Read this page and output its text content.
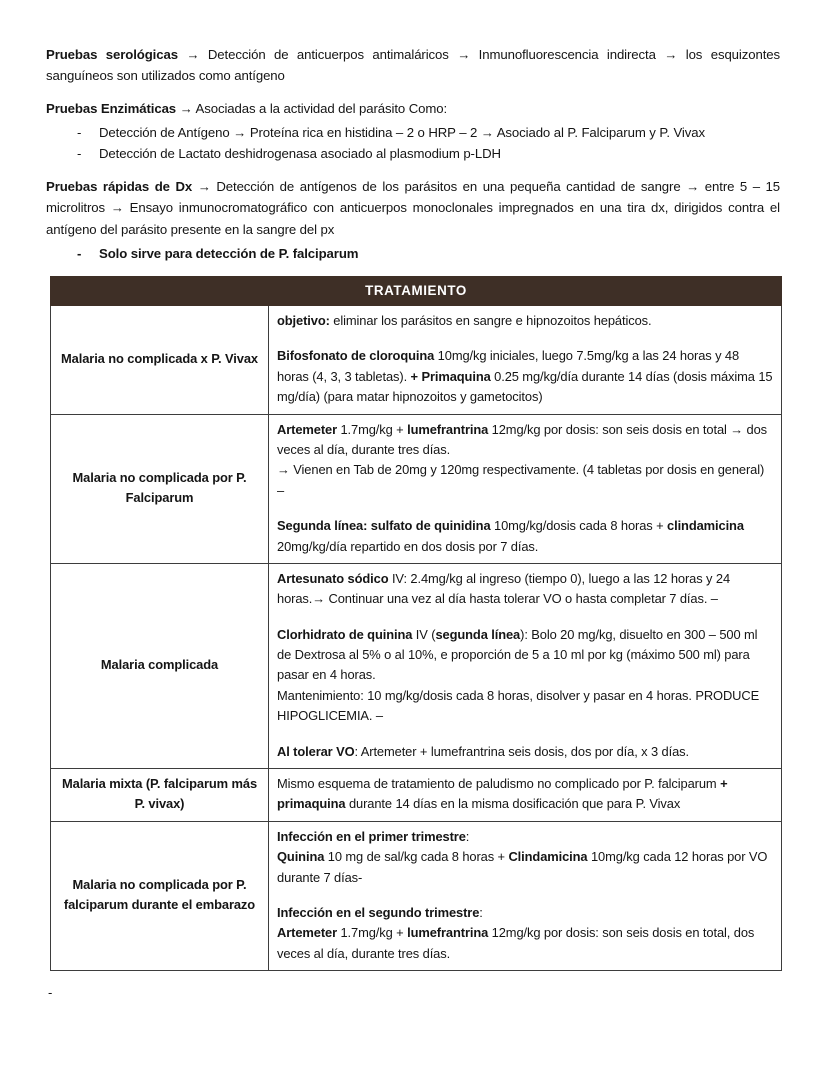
Pruebas serológicas → Detección de anticuerpos antimaláricos → Inmunofluorescencia indirecta → los esquizontes sanguíneos son utilizados como antígeno

Pruebas Enzimáticas → Asociadas a la actividad del parásito Como:

- Detección de Antígeno → Proteína rica en histidina – 2 o HRP – 2 → Asociado al P. Falciparum y P. Vivax
- Detección de Lactato deshidrogenasa asociado al plasmodium p-LDH

Pruebas rápidas de Dx → Detección de antígenos de los parásitos en una pequeña cantidad de sangre → entre 5 – 15 microlitros → Ensayo inmunocromatográfico con anticuerpos monoclonales impregnados en una tira dx, dirigidos contra el antígeno del parásito presente en la sangre del px

- Solo sirve para detección de P. falciparum
TRATAMIENTO	
Malaria no complicada x P. Vivax	objetivo: eliminar los parásitos en sangre e hipnozoitos hepáticos.

Bifosfonato de cloroquina 10mg/kg iniciales, luego 7.5mg/kg a las 24 horas y 48 horas (4, 3, 3 tabletas). + Primaquina 0.25 mg/kg/día durante 14 días (dosis máxima 15 mg/día) (para matar hipnozoitos y gametocitos)

Malaria no complicada por P. Falciparum	Artemeter 1.7mg/kg + lumefrantrina 12mg/kg por dosis: son seis dosis en total → dos veces al día, durante tres días.

→ Vienen en Tab de 20mg y 120mg respectivamente. (4 tabletas por dosis en general) –

Segunda línea: sulfato de quinidina 10mg/kg/dosis cada 8 horas + clindamicina 20mg/kg/día repartido en dos dosis por 7 días.

Malaria complicada	Artesunato sódico IV: 2.4mg/kg al ingreso (tiempo 0), luego a las 12 horas y 24 horas.→ Continuar una vez al día hasta tolerar VO o hasta completar 7 días. –

Clorhidrato de quinina IV (segunda línea): Bolo 20 mg/kg, disuelto en 300 – 500 ml de Dextrosa al 5% o al 10%, e proporción de 5 a 10 ml por kg (máximo 500 ml) para pasar en 4 horas.

Mantenimiento: 10 mg/kg/dosis cada 8 horas, disolver y pasar en 4 horas. PRODUCE HIPOGLICEMIA. –

Al tolerar VO: Artemeter + lumefrantrina seis dosis, dos por día, x 3 días.

Malaria mixta (P. falciparum más P. vivax)	Mismo esquema de tratamiento de paludismo no complicado por P. falciparum + primaquina durante 14 días en la misma dosificación que para P. Vivax

Malaria no complicada por P. falciparum durante el embarazo	Infección en el primer trimestre:

Quinina 10 mg de sal/kg cada 8 horas + Clindamicina 10mg/kg cada 12 horas por VO durante 7 días-

Infección en el segundo trimestre:

Artemeter 1.7mg/kg + lumefrantrina 12mg/kg por dosis: son seis dosis en total, dos veces al día, durante tres días.

-
